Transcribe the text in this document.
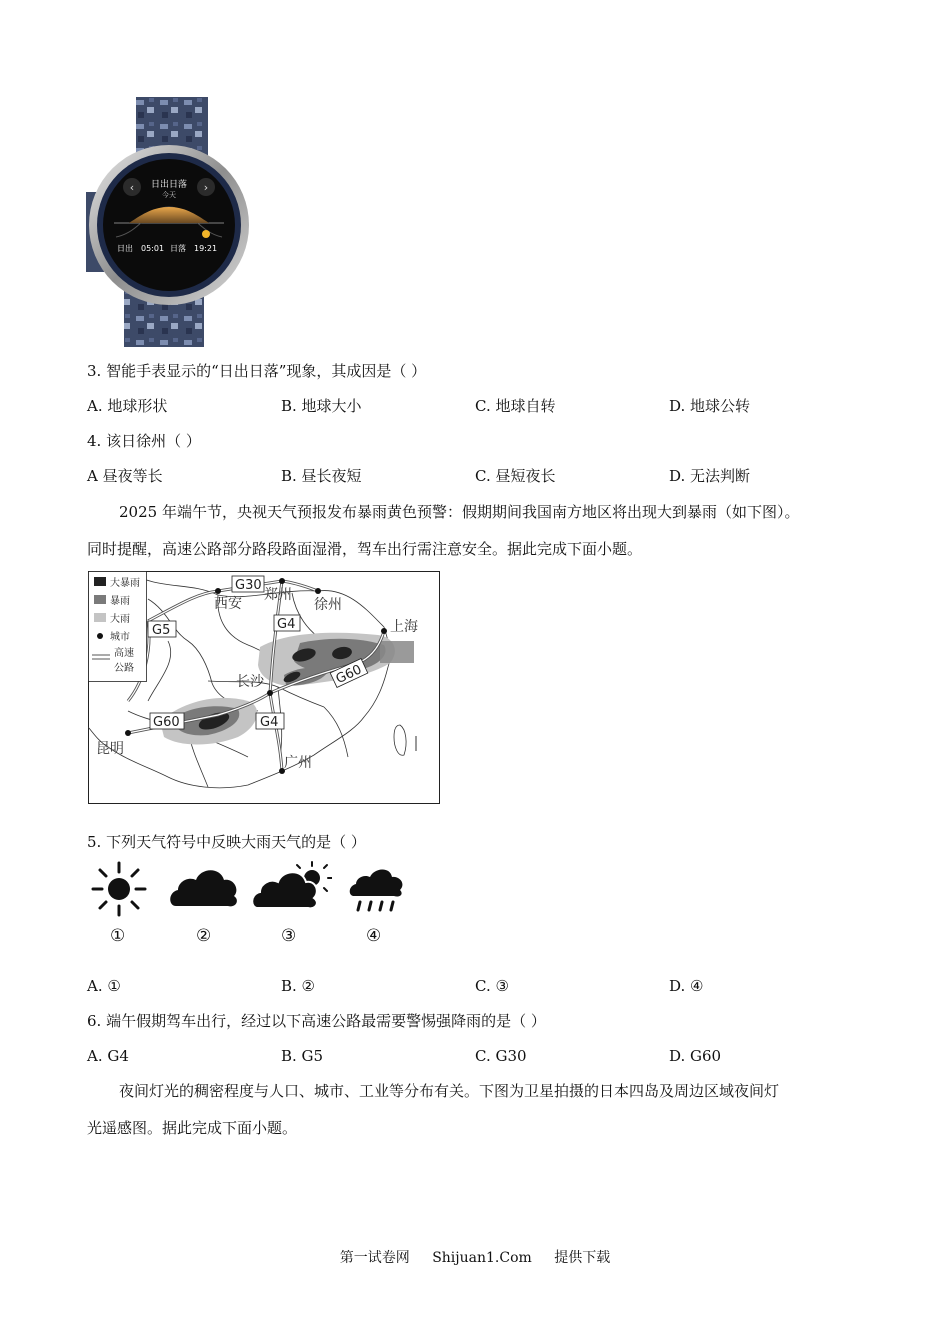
‹	›
日出日落
今天
日出 05:01 日落 19:21
3. 智能手表显示的“日出日落”现象，其成因是（ ）
A. 地球形状	B. 地球大小	C. 地球自转	D. 地球公转
4. 该日徐州（ ）
A 昼夜等长	B. 昼长夜短	C. 昼短夜长	D. 无法判断
2025 年端午节，央视天气预报发布暴雨黄色预警：假期期间我国南方地区将出现大到暴雨（如下图）。
同时提醒，高速公路部分路段路面湿滑，驾车出行需注意安全。据此完成下面小题。
大暴雨
暴雨
大雨
城市
高速
公路
西安
郑州
徐州
上海
长沙
昆明
广州
G30
G5	G4
G60
G60	G4
5. 下列天气符号中反映大雨天气的是（ ）
①	②	③	④
A. ①	B. ②	C. ③	D. ④
6. 端午假期驾车出行，经过以下高速公路最需要警惕强降雨的是（ ）
A. G4	B. G5	C. G30	D. G60
夜间灯光的稠密程度与人口、城市、工业等分布有关。下图为卫星拍摄的日本四岛及周边区域夜间灯
光遥感图。据此完成下面小题。
第一试卷网 Shijuan1.Com 提供下载
